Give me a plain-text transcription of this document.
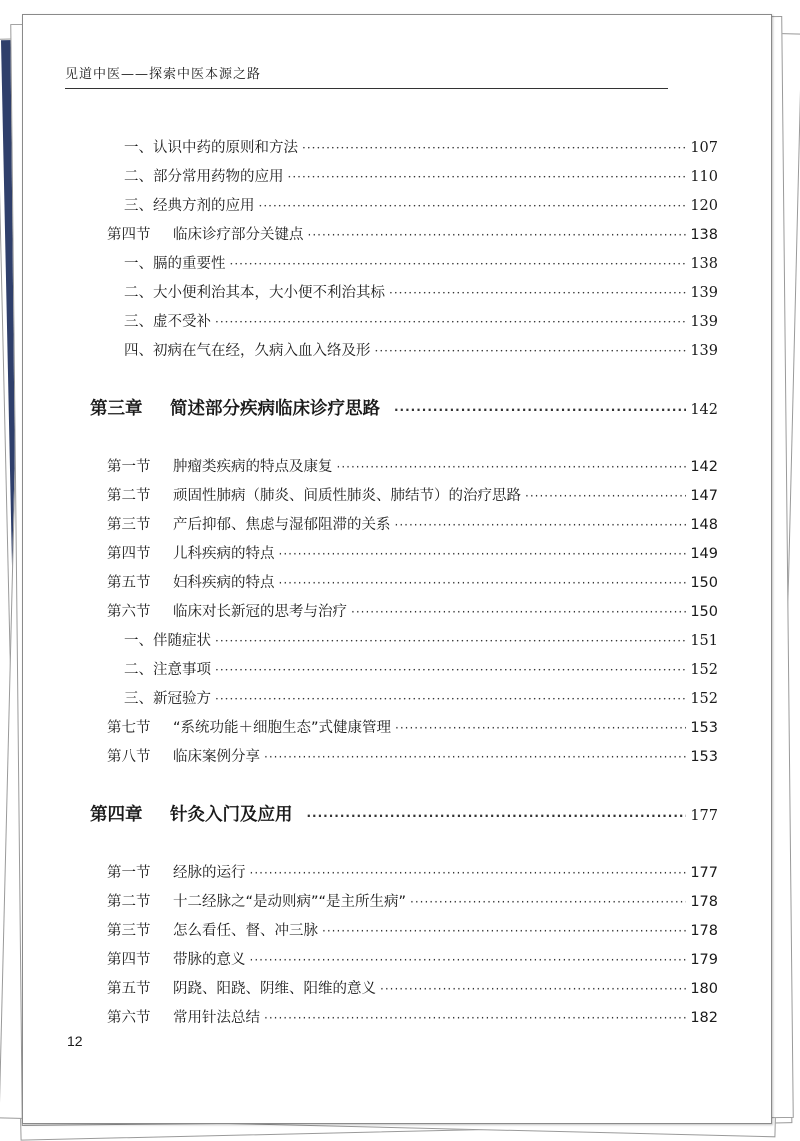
见道中医——探索中医本源之路
一、认识中药的原则和方法 ·····	107
二、部分常用药物的应用 ·····	110
三、经典方剂的应用 ·····	120
第四节 临床诊疗部分关键点 ·····	138
一、膈的重要性 ·····	138
二、大小便利治其本，大小便不利治其标 ·····	139
三、虚不受补 ·····	139
四、初病在气在经，久病入血入络及形 ·····	139
第三章 简述部分疾病临床诊疗思路 ·····	142
第一节 肿瘤类疾病的特点及康复 ·····	142
第二节 顽固性肺病（肺炎、间质性肺炎、肺结节）的治疗思路 ·····	147
第三节 产后抑郁、焦虑与湿郁阻滞的关系 ·····	148
第四节 儿科疾病的特点 ·····	149
第五节 妇科疾病的特点 ·····	150
第六节 临床对长新冠的思考与治疗 ·····	150
一、伴随症状 ·····	151
二、注意事项 ·····	152
三、新冠验方 ·····	152
第七节 “系统功能＋细胞生态”式健康管理 ·····	153
第八节 临床案例分享 ·····	153
第四章 针灸入门及应用 ·····	177
第一节 经脉的运行 ·····	177
第二节 十二经脉之“是动则病”“是主所生病” ·····	178
第三节 怎么看任、督、冲三脉 ·····	178
第四节 带脉的意义 ·····	179
第五节 阴跷、阳跷、阴维、阳维的意义 ·····	180
第六节 常用针法总结 ·····	182
12
